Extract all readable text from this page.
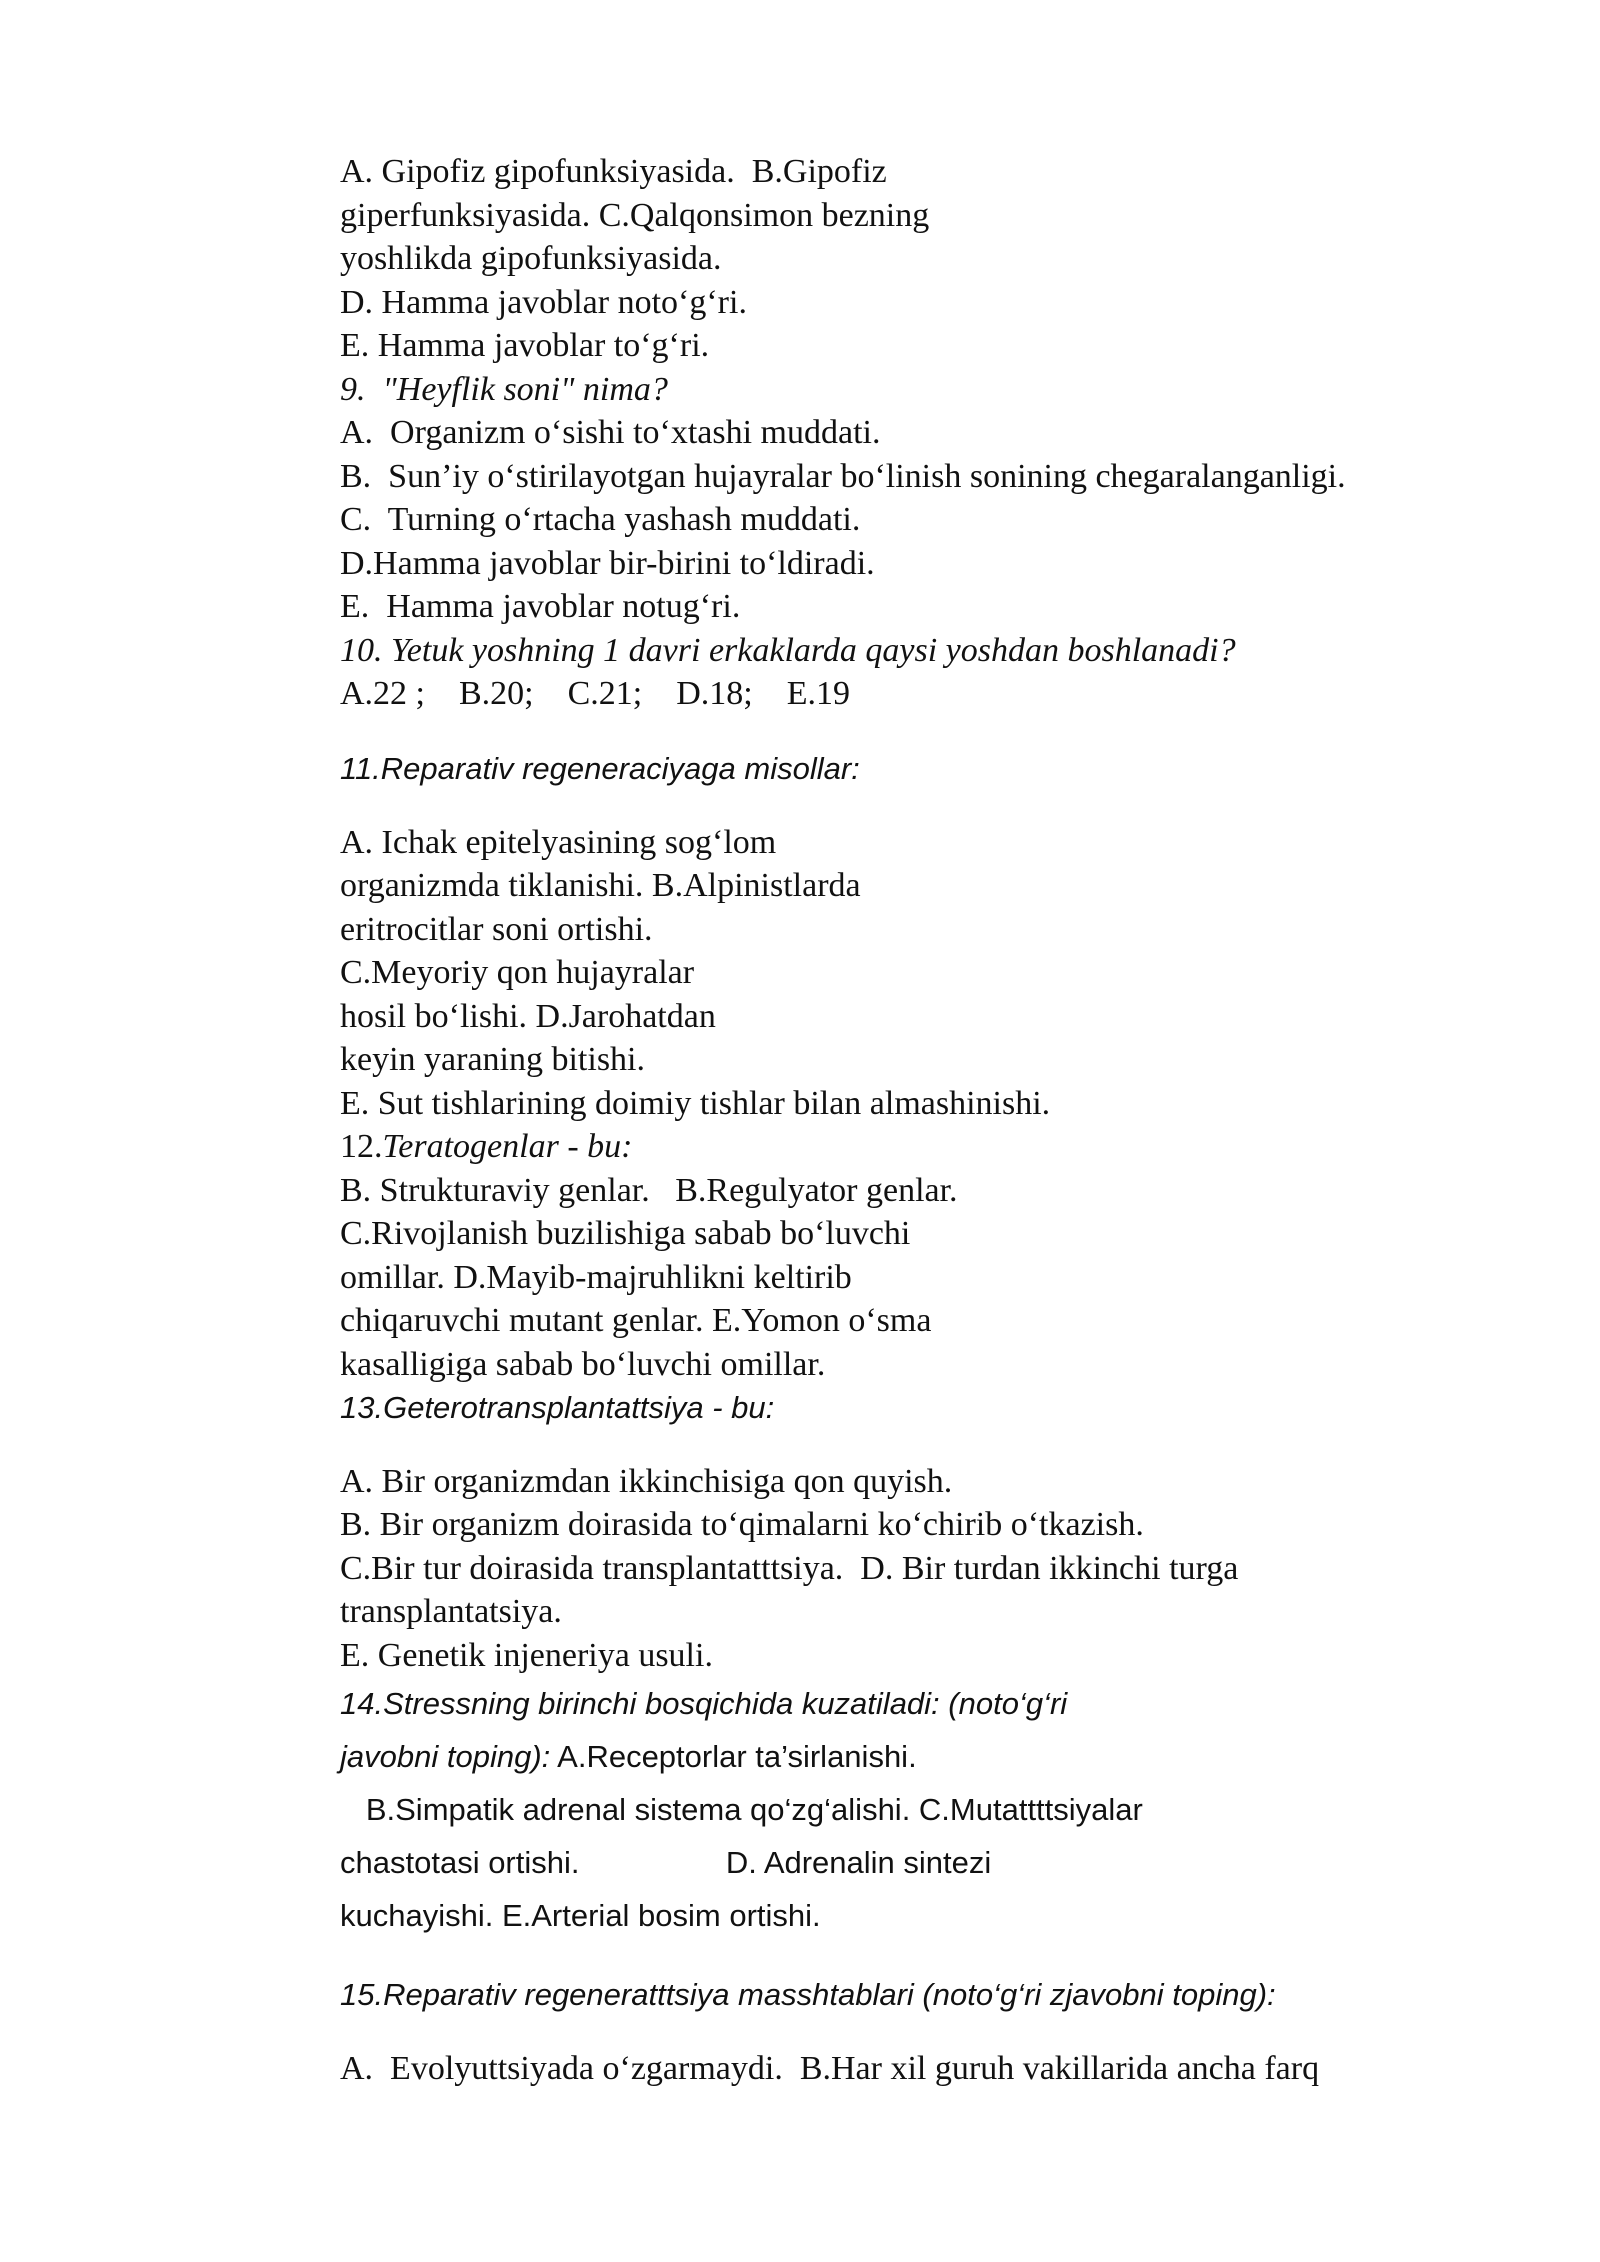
A. Gipofiz gipofunksiyasida.  B.Gipofiz
giperfunksiyasida. C.Qalqonsimon bezning
yoshlikda gipofunksiyasida.
D. Hamma javoblar noto‘g‘ri.
E. Hamma javoblar to‘g‘ri.
9.  "Heyflik soni" nima?
A.  Organizm o‘sishi to‘xtashi muddati.
B.  Sun’iy o‘stirilayotgan hujayralar bo‘linish sonining chegaralanganligi.
C.  Turning o‘rtacha yashash muddati.
D.Hamma javoblar bir-birini to‘ldiradi.
E.  Hamma javoblar notug‘ri.
10. Yetuk yoshning 1 davri erkaklarda qaysi yoshdan boshlanadi?
A.22 ;    B.20;    C.21;    D.18;    E.19
11.Reparativ regeneraciyaga misollar:
A. Ichak epitelyasining sog‘lom
organizmda tiklanishi. B.Alpinistlarda
eritrocitlar soni ortishi.
C.Meyoriy qon hujayralar
hosil bo‘lishi. D.Jarohatdan
keyin yaraning bitishi.
E. Sut tishlarining doimiy tishlar bilan almashinishi.
12.Teratogenlar - bu:
B. Strukturaviy genlar.   B.Regulyator genlar.
C.Rivojlanish buzilishiga sabab bo‘luvchi
omillar. D.Mayib-majruhlikni keltirib
chiqaruvchi mutant genlar. E.Yomon o‘sma
kasalligiga sabab bo‘luvchi omillar.
13.Geterotransplantattsiya - bu:
A. Bir organizmdan ikkinchisiga qon quyish.
B. Bir organizm doirasida to‘qimalarni ko‘chirib o‘tkazish.
C.Bir tur doirasida transplantatttsiya.  D. Bir turdan ikkinchi turga
transplantatsiya.
E. Genetik injeneriya usuli.
14.Stressning birinchi bosqichida kuzatiladi: (noto‘g‘ri
javobni toping): A.Receptorlar ta’sirlanishi.
B.Simpatik adrenal sistema qo‘zg‘alishi. C.Mutattttsiyalar
chastotasi ortishi.                 D. Adrenalin sintezi
kuchayishi. E.Arterial bosim ortishi.
15.Reparativ regeneratttsiya masshtablari (noto‘g‘ri zjavobni toping):
A.  Evolyuttsiyada o‘zgarmaydi.  B.Har xil guruh vakillarida ancha farq
